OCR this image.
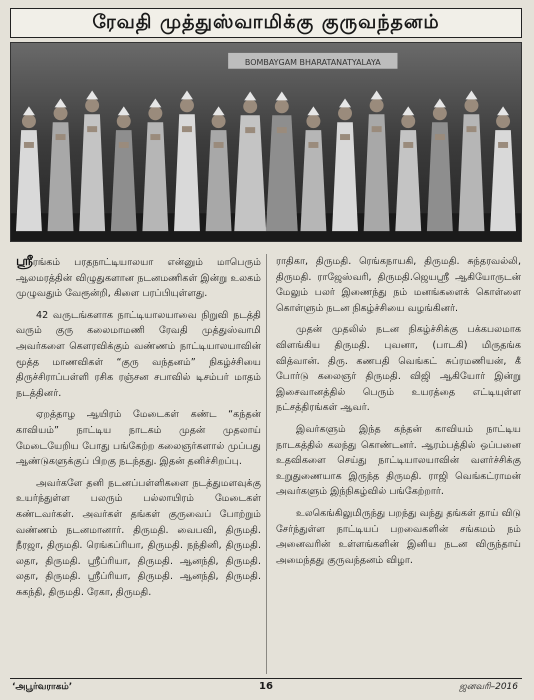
ரேவதி முத்துஸ்வாமிக்கு குருவந்தனம்
BOMBAYGAM BHARATANATYALAYA

ஸ்ரீரங்கம் பரதநாட்டியாலயா என்னும் மாபெரும் ஆலமரத்தின் விழுதுகளான நடனமணிகள் இன்று உலகம் முழுவதும் வேரூன்றி, கிளை பரப்பியுள்ளது.

42 வருடங்களாக நாட்டியாலயாவை நிறுவி நடத்தி வரும் குரு கலைமாமணி ரேவதி முத்துஸ்வாமி அவர்களை கௌரவிக்கும் வண்ணம் நாட்டியாலயாவின் மூத்த மாணவிகள் “குரு வந்தனம்” நிகழ்ச்சியை திருச்சிராப்பள்ளி ரசிக ரஞ்சன சபாவில் டிசம்பர் மாதம் நடத்தினர்.

ஏறத்தாழ ஆயிரம் மேடைகள் கண்ட “கந்தன் காவியம்” நாட்டிய நாடகம் முதன் முதலாய் மேடையேறிய போது பங்கேற்ற கலைஞர்களால் முப்பது ஆண்டுகளுக்குப் பிறகு நடந்தது. இதன் தனிச்சிறப்பு.

அவர்களே தனி நடனப்பள்ளிகளை நடத்துமளவுக்கு உயர்ந்துள்ள பலரும் பல்லாயிரம் மேடைகள் கண்டவர்கள். அவர்கள் தங்கள் குருவைப் போற்றும் வண்ணம் நடனமானார். திருமதி. வைபவி, திருமதி. நீரஜா, திருமதி. ரெங்கப்ரியா, திருமதி. நந்தினி, திருமதி. லதா, திருமதி. ஸ்ரீப்ரியா, திருமதி. ஆனந்தி, திருமதி. லதா, திருமதி. ஸ்ரீப்ரியா, திருமதி. ஆனந்தி, திருமதி. சுகந்தி, திருமதி. ரேகா, திருமதி.

ராதிகா, திருமதி. ரெங்கநாயகி, திருமதி. சுந்தரவல்லி, திருமதி. ராஜேஸ்வரி, திருமதி.ஜெயஸ்ரீ ஆகியோருடன் மேலும் பலர் இணைந்து நம் மனங்களைக் கொள்ளை கொள்ளும் நடன நிகழ்ச்சியை வழங்கினர்.

முதன் முதலில் நடன நிகழ்ச்சிக்கு பக்கபலமாக விளங்கிய திருமதி. புவனா, (பாடகி) மிருதங்க வித்வான். திரு. கணபதி வெங்கட் சுப்ரமணியன், கீ போர்டு கலைஞர் திருமதி. விஜி ஆகியோர் இன்று இசைவானத்தில் பெரும் உயரத்தை எட்டியுள்ள நட்சத்திரங்கள் ஆவர்.

இவர்களும் இந்த கந்தன் காவியம் நாட்டிய நாடகத்தில் கலந்து கொண்டனர். ஆரம்பத்தில் ஒப்பனை உதவிகளை செய்து நாட்டியாலயாவின் வளர்ச்சிக்கு உறுதுணையாக இருந்த திருமதி. ராஜி வெங்கட்ராமன் அவர்களும் இந்நிகழ்வில் பங்கேற்றார்.

உலகெங்கிலுமிருந்து பறந்து வந்து தங்கள் தாய் விடு சேர்ந்துள்ள நாட்டியப் பறவைகளின் சங்கமம் நம் அனைவரின் உள்ளங்களின் இனிய நடன விருந்தாய் அமைந்தது குருவந்தனம் விழா.

‘அபூர்வராகம்’	16	ஜனவரி–2016
